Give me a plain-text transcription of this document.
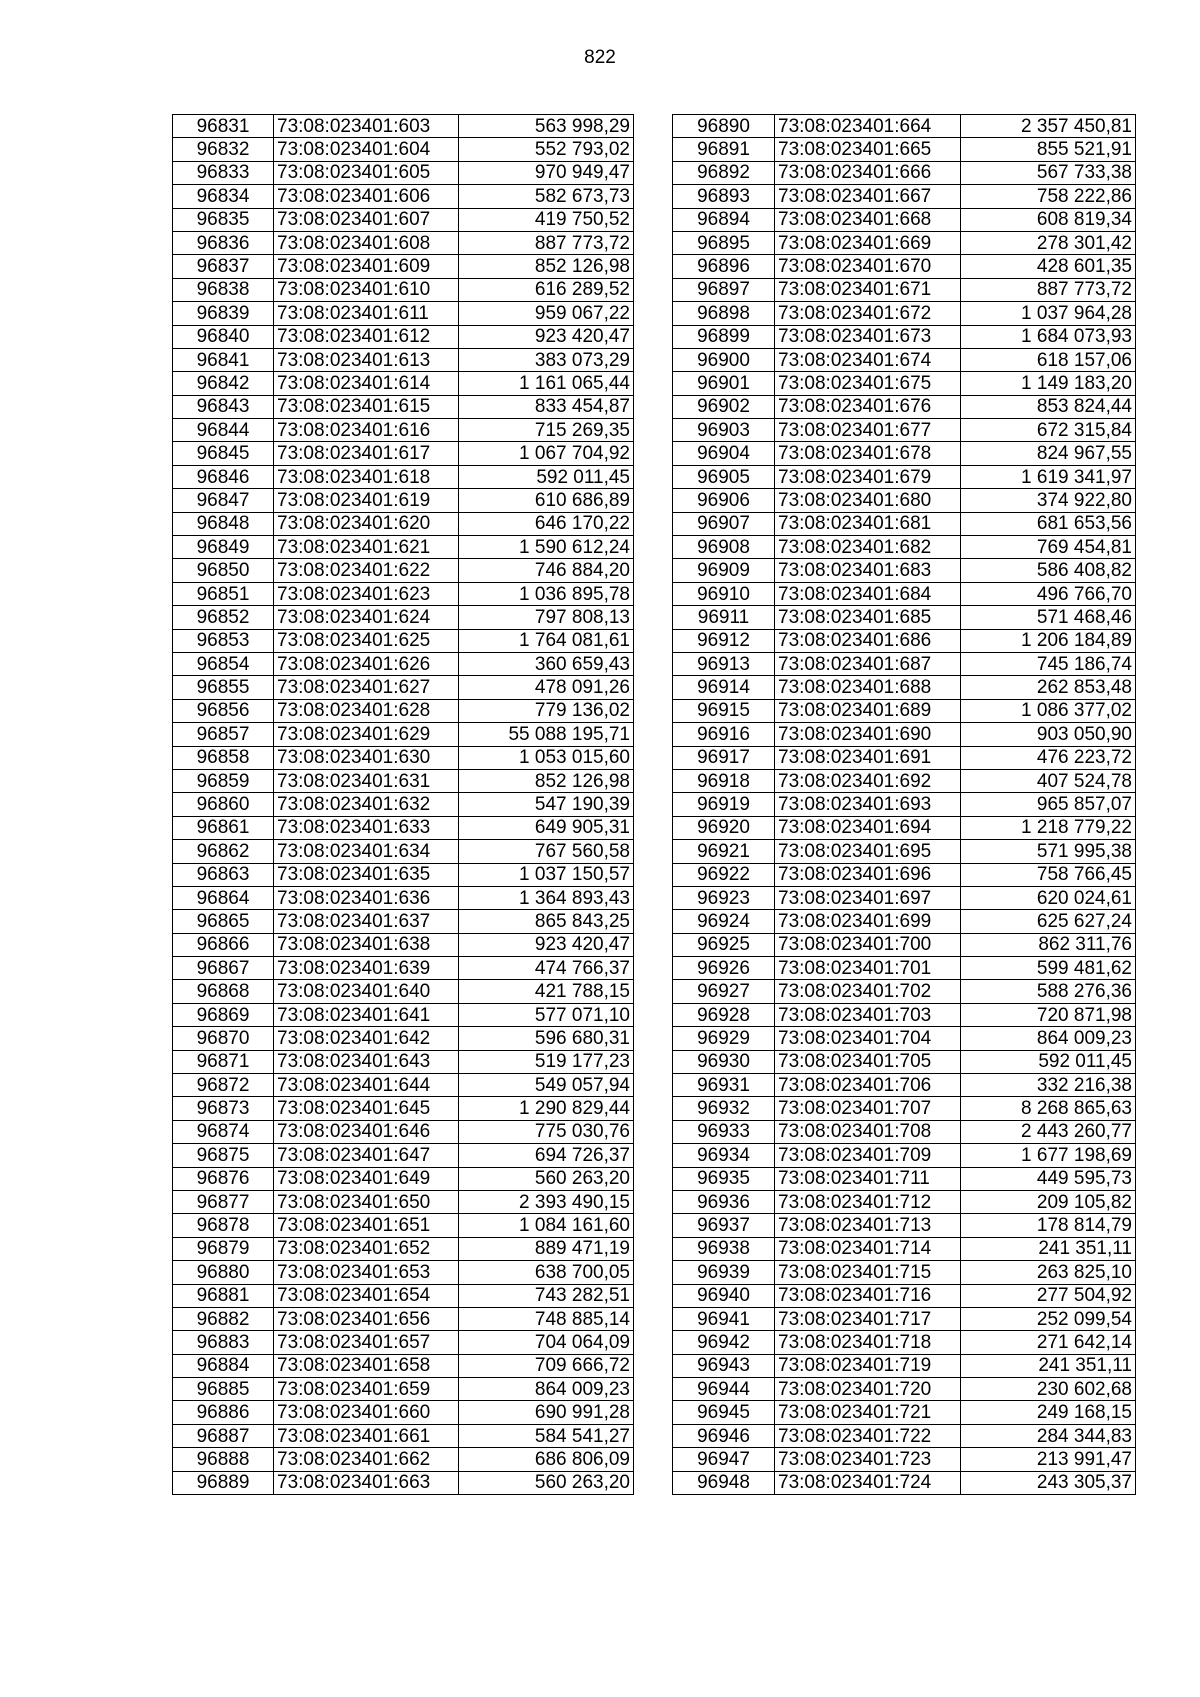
822
96831	73:08:023401:603	563 998,29
96832	73:08:023401:604	552 793,02
96833	73:08:023401:605	970 949,47
96834	73:08:023401:606	582 673,73
96835	73:08:023401:607	419 750,52
96836	73:08:023401:608	887 773,72
96837	73:08:023401:609	852 126,98
96838	73:08:023401:610	616 289,52
96839	73:08:023401:611	959 067,22
96840	73:08:023401:612	923 420,47
96841	73:08:023401:613	383 073,29
96842	73:08:023401:614	1 161 065,44
96843	73:08:023401:615	833 454,87
96844	73:08:023401:616	715 269,35
96845	73:08:023401:617	1 067 704,92
96846	73:08:023401:618	592 011,45
96847	73:08:023401:619	610 686,89
96848	73:08:023401:620	646 170,22
96849	73:08:023401:621	1 590 612,24
96850	73:08:023401:622	746 884,20
96851	73:08:023401:623	1 036 895,78
96852	73:08:023401:624	797 808,13
96853	73:08:023401:625	1 764 081,61
96854	73:08:023401:626	360 659,43
96855	73:08:023401:627	478 091,26
96856	73:08:023401:628	779 136,02
96857	73:08:023401:629	55 088 195,71
96858	73:08:023401:630	1 053 015,60
96859	73:08:023401:631	852 126,98
96860	73:08:023401:632	547 190,39
96861	73:08:023401:633	649 905,31
96862	73:08:023401:634	767 560,58
96863	73:08:023401:635	1 037 150,57
96864	73:08:023401:636	1 364 893,43
96865	73:08:023401:637	865 843,25
96866	73:08:023401:638	923 420,47
96867	73:08:023401:639	474 766,37
96868	73:08:023401:640	421 788,15
96869	73:08:023401:641	577 071,10
96870	73:08:023401:642	596 680,31
96871	73:08:023401:643	519 177,23
96872	73:08:023401:644	549 057,94
96873	73:08:023401:645	1 290 829,44
96874	73:08:023401:646	775 030,76
96875	73:08:023401:647	694 726,37
96876	73:08:023401:649	560 263,20
96877	73:08:023401:650	2 393 490,15
96878	73:08:023401:651	1 084 161,60
96879	73:08:023401:652	889 471,19
96880	73:08:023401:653	638 700,05
96881	73:08:023401:654	743 282,51
96882	73:08:023401:656	748 885,14
96883	73:08:023401:657	704 064,09
96884	73:08:023401:658	709 666,72
96885	73:08:023401:659	864 009,23
96886	73:08:023401:660	690 991,28
96887	73:08:023401:661	584 541,27
96888	73:08:023401:662	686 806,09
96889	73:08:023401:663	560 263,20
96890	73:08:023401:664	2 357 450,81
96891	73:08:023401:665	855 521,91
96892	73:08:023401:666	567 733,38
96893	73:08:023401:667	758 222,86
96894	73:08:023401:668	608 819,34
96895	73:08:023401:669	278 301,42
96896	73:08:023401:670	428 601,35
96897	73:08:023401:671	887 773,72
96898	73:08:023401:672	1 037 964,28
96899	73:08:023401:673	1 684 073,93
96900	73:08:023401:674	618 157,06
96901	73:08:023401:675	1 149 183,20
96902	73:08:023401:676	853 824,44
96903	73:08:023401:677	672 315,84
96904	73:08:023401:678	824 967,55
96905	73:08:023401:679	1 619 341,97
96906	73:08:023401:680	374 922,80
96907	73:08:023401:681	681 653,56
96908	73:08:023401:682	769 454,81
96909	73:08:023401:683	586 408,82
96910	73:08:023401:684	496 766,70
96911	73:08:023401:685	571 468,46
96912	73:08:023401:686	1 206 184,89
96913	73:08:023401:687	745 186,74
96914	73:08:023401:688	262 853,48
96915	73:08:023401:689	1 086 377,02
96916	73:08:023401:690	903 050,90
96917	73:08:023401:691	476 223,72
96918	73:08:023401:692	407 524,78
96919	73:08:023401:693	965 857,07
96920	73:08:023401:694	1 218 779,22
96921	73:08:023401:695	571 995,38
96922	73:08:023401:696	758 766,45
96923	73:08:023401:697	620 024,61
96924	73:08:023401:699	625 627,24
96925	73:08:023401:700	862 311,76
96926	73:08:023401:701	599 481,62
96927	73:08:023401:702	588 276,36
96928	73:08:023401:703	720 871,98
96929	73:08:023401:704	864 009,23
96930	73:08:023401:705	592 011,45
96931	73:08:023401:706	332 216,38
96932	73:08:023401:707	8 268 865,63
96933	73:08:023401:708	2 443 260,77
96934	73:08:023401:709	1 677 198,69
96935	73:08:023401:711	449 595,73
96936	73:08:023401:712	209 105,82
96937	73:08:023401:713	178 814,79
96938	73:08:023401:714	241 351,11
96939	73:08:023401:715	263 825,10
96940	73:08:023401:716	277 504,92
96941	73:08:023401:717	252 099,54
96942	73:08:023401:718	271 642,14
96943	73:08:023401:719	241 351,11
96944	73:08:023401:720	230 602,68
96945	73:08:023401:721	249 168,15
96946	73:08:023401:722	284 344,83
96947	73:08:023401:723	213 991,47
96948	73:08:023401:724	243 305,37
